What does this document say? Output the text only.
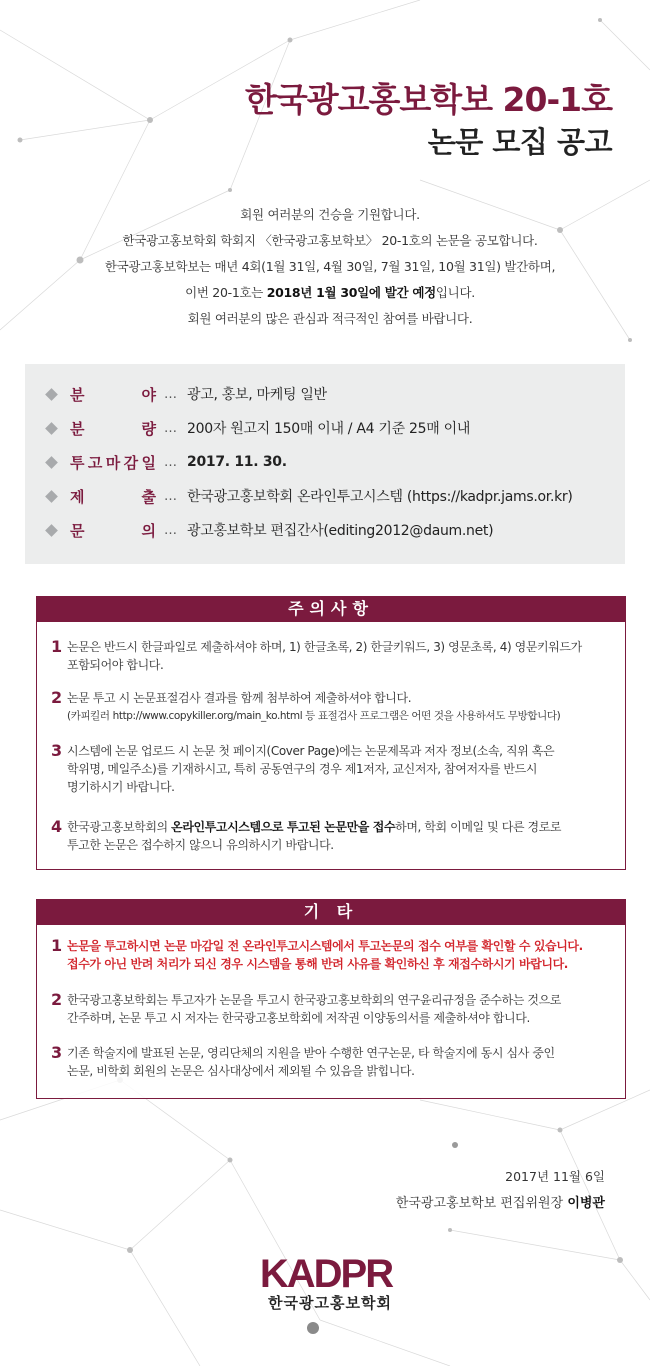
한국광고홍보학보 20-1호
논문 모집 공고
회원 여러분의 건승을 기원합니다.
한국광고홍보학회 학회지 〈한국광고홍보학보〉 20-1호의 논문을 공모합니다.
한국광고홍보학보는 매년 4회(1월 31일, 4월 30일, 7월 31일, 10월 31일) 발간하며,
이번 20-1호는 2018년 1월 30일에 발간 예정입니다.
회원 여러분의 많은 관심과 적극적인 참여를 바랍니다.
분	야 … 광고, 홍보, 마케팅 일반
분	량 … 200자 원고지 150매 이내 / A4 기준 25매 이내
투 고 마 감 일 … 2017. 11. 30.
제	출 … 한국광고홍보학회 온라인투고시스템 (https://kadpr.jams.or.kr)
문	의 … 광고홍보학보 편집간사(editing2012@daum.net)
주의사항
1 논문은 반드시 한글파일로 제출하셔야 하며, 1) 한글초록, 2) 한글키워드, 3) 영문초록, 4) 영문키워드가
포함되어야 합니다.
2 논문 투고 시 논문표절검사 결과를 함께 첨부하여 제출하셔야 합니다.
(카피킬러 http://www.copykiller.org/main_ko.html 등 표절검사 프로그램은 어떤 것을 사용하셔도 무방합니다)
3 시스템에 논문 업로드 시 논문 첫 페이지(Cover Page)에는 논문제목과 저자 정보(소속, 직위 혹은
학위명, 메일주소)를 기재하시고, 특히 공동연구의 경우 제1저자, 교신저자, 참여저자를 반드시
명기하시기 바랍니다.
4 한국광고홍보학회의 온라인투고시스템으로 투고된 논문만을 접수하며, 학회 이메일 및 다른 경로로
투고한 논문은 접수하지 않으니 유의하시기 바랍니다.
기 타
1 논문을 투고하시면 논문 마감일 전 온라인투고시스템에서 투고논문의 접수 여부를 확인할 수 있습니다.
접수가 아닌 반려 처리가 되신 경우 시스템을 통해 반려 사유를 확인하신 후 재접수하시기 바랍니다.
2 한국광고홍보학회는 투고자가 논문을 투고시 한국광고홍보학회의 연구윤리규정을 준수하는 것으로
간주하며, 논문 투고 시 저자는 한국광고홍보학회에 저작권 이양동의서를 제출하셔야 합니다.
3 기존 학술지에 발표된 논문, 영리단체의 지원을 받아 수행한 연구논문, 타 학술지에 동시 심사 중인
논문, 비학회 회원의 논문은 심사대상에서 제외될 수 있음을 밝힙니다.
2017년 11월 6일
한국광고홍보학보 편집위원장 이병관
KADPR
한국광고홍보학회
